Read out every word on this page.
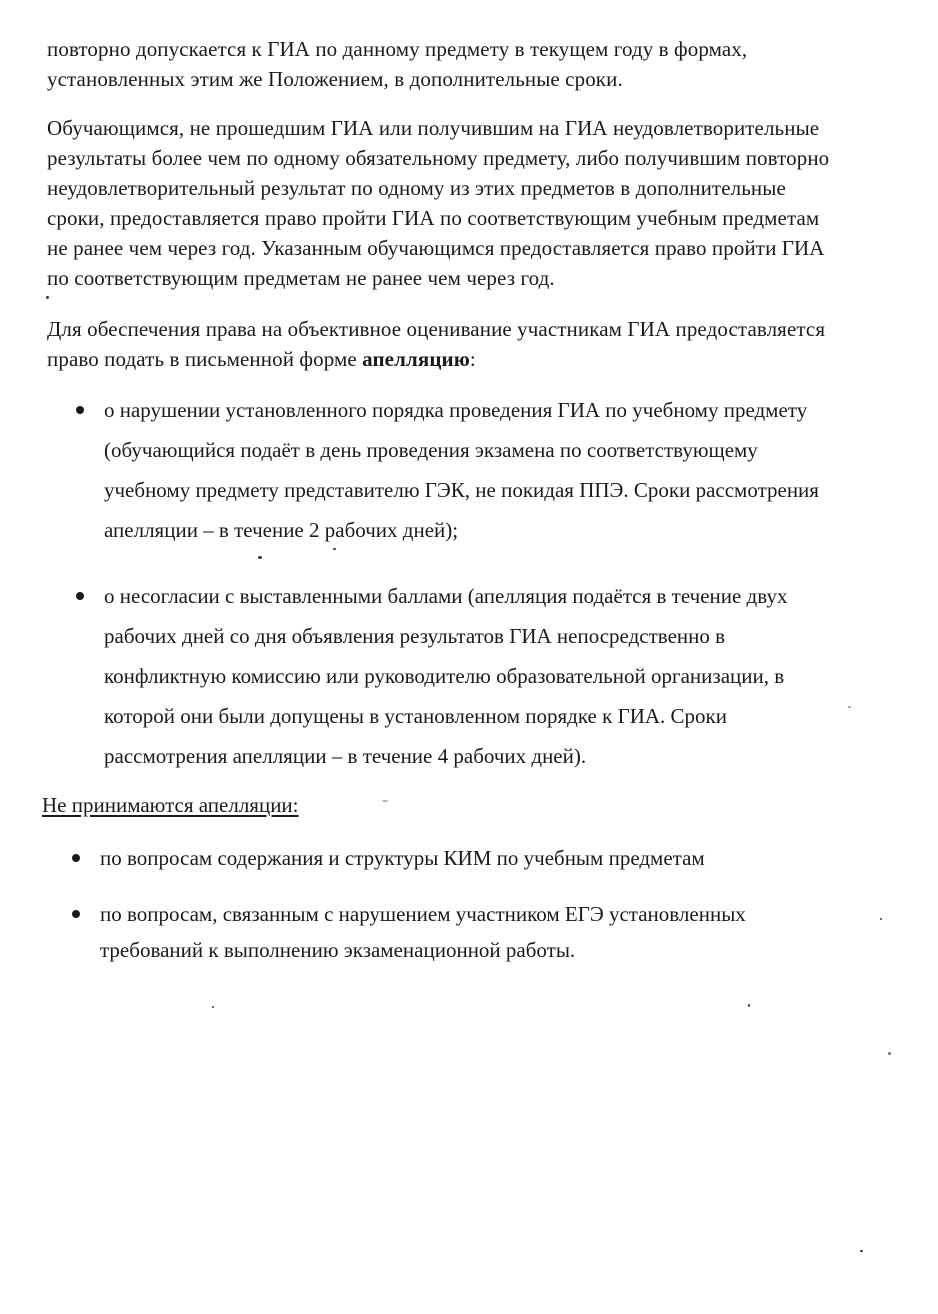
повторно допускается к ГИА по данному предмету в текущем году в формах,
установленных этим же Положением, в дополнительные сроки.

Обучающимся, не прошедшим ГИА или получившим на ГИА неудовлетворительные
результаты более чем по одному обязательному предмету, либо получившим повторно
неудовлетворительный результат по одному из этих предметов в дополнительные
сроки, предоставляется право пройти ГИА по соответствующим учебным предметам
не ранее чем через год. Указанным обучающимся предоставляется право пройти ГИА
по соответствующим предметам не ранее чем через год.

Для обеспечения права на объективное оценивание участникам ГИА предоставляется
право подать в письменной форме апелляцию:

о нарушении установленного порядка проведения ГИА по учебному предмету
(обучающийся подаёт в день проведения экзамена по соответствующему
учебному предмету представителю ГЭК, не покидая ППЭ. Сроки рассмотрения
апелляции – в течение 2 рабочих дней);
о несогласии с выставленными баллами (апелляция подаётся в течение двух
рабочих дней со дня объявления результатов ГИА непосредственно в
конфликтную комиссию или руководителю образовательной организации, в
которой они были допущены в установленном порядке к ГИА. Сроки
рассмотрения апелляции – в течение 4 рабочих дней).
Не принимаются апелляции:
по вопросам содержания и структуры КИМ по учебным предметам
по вопросам, связанным с нарушением участником ЕГЭ установленных
требований к выполнению экзаменационной работы.
